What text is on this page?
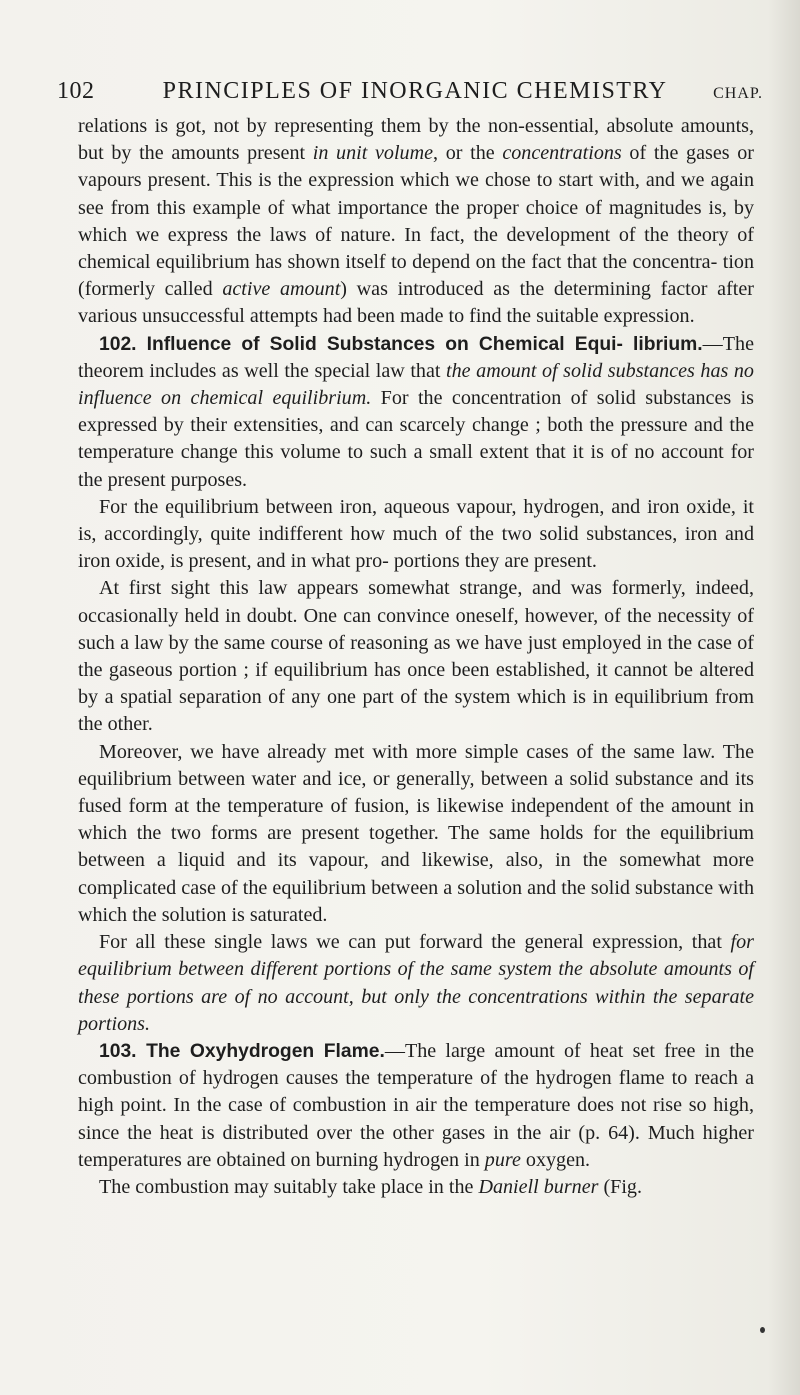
102	PRINCIPLES OF INORGANIC CHEMISTRY	CHAP.

relations is got, not by representing them by the non-essential, absolute amounts, but by the amounts present in unit volume, or the concentrations of the gases or vapours present. This is the expression which we chose to start with, and we again see from this example of what importance the proper choice of magnitudes is, by which we express the laws of nature. In fact, the development of the theory of chemical equilibrium has shown itself to depend on the fact that the concentra- tion (formerly called active amount) was introduced as the determining factor after various unsuccessful attempts had been made to find the suitable expression.

102. Influence of Solid Substances on Chemical Equi- librium.—The theorem includes as well the special law that the amount of solid substances has no influence on chemical equilibrium. For the concentration of solid substances is expressed by their extensities, and can scarcely change ; both the pressure and the temperature change this volume to such a small extent that it is of no account for the present purposes.

For the equilibrium between iron, aqueous vapour, hydrogen, and iron oxide, it is, accordingly, quite indifferent how much of the two solid substances, iron and iron oxide, is present, and in what pro- portions they are present.

At first sight this law appears somewhat strange, and was formerly, indeed, occasionally held in doubt. One can convince oneself, however, of the necessity of such a law by the same course of reasoning as we have just employed in the case of the gaseous portion ; if equilibrium has once been established, it cannot be altered by a spatial separation of any one part of the system which is in equilibrium from the other.

Moreover, we have already met with more simple cases of the same law. The equilibrium between water and ice, or generally, between a solid substance and its fused form at the temperature of fusion, is likewise independent of the amount in which the two forms are present together. The same holds for the equilibrium between a liquid and its vapour, and likewise, also, in the somewhat more complicated case of the equilibrium between a solution and the solid substance with which the solution is saturated.

For all these single laws we can put forward the general expression, that for equilibrium between different portions of the same system the absolute amounts of these portions are of no account, but only the concentrations within the separate portions.

103. The Oxyhydrogen Flame.—The large amount of heat set free in the combustion of hydrogen causes the temperature of the hydrogen flame to reach a high point. In the case of combustion in air the temperature does not rise so high, since the heat is distributed over the other gases in the air (p. 64). Much higher temperatures are obtained on burning hydrogen in pure oxygen.

The combustion may suitably take place in the Daniell burner (Fig.
